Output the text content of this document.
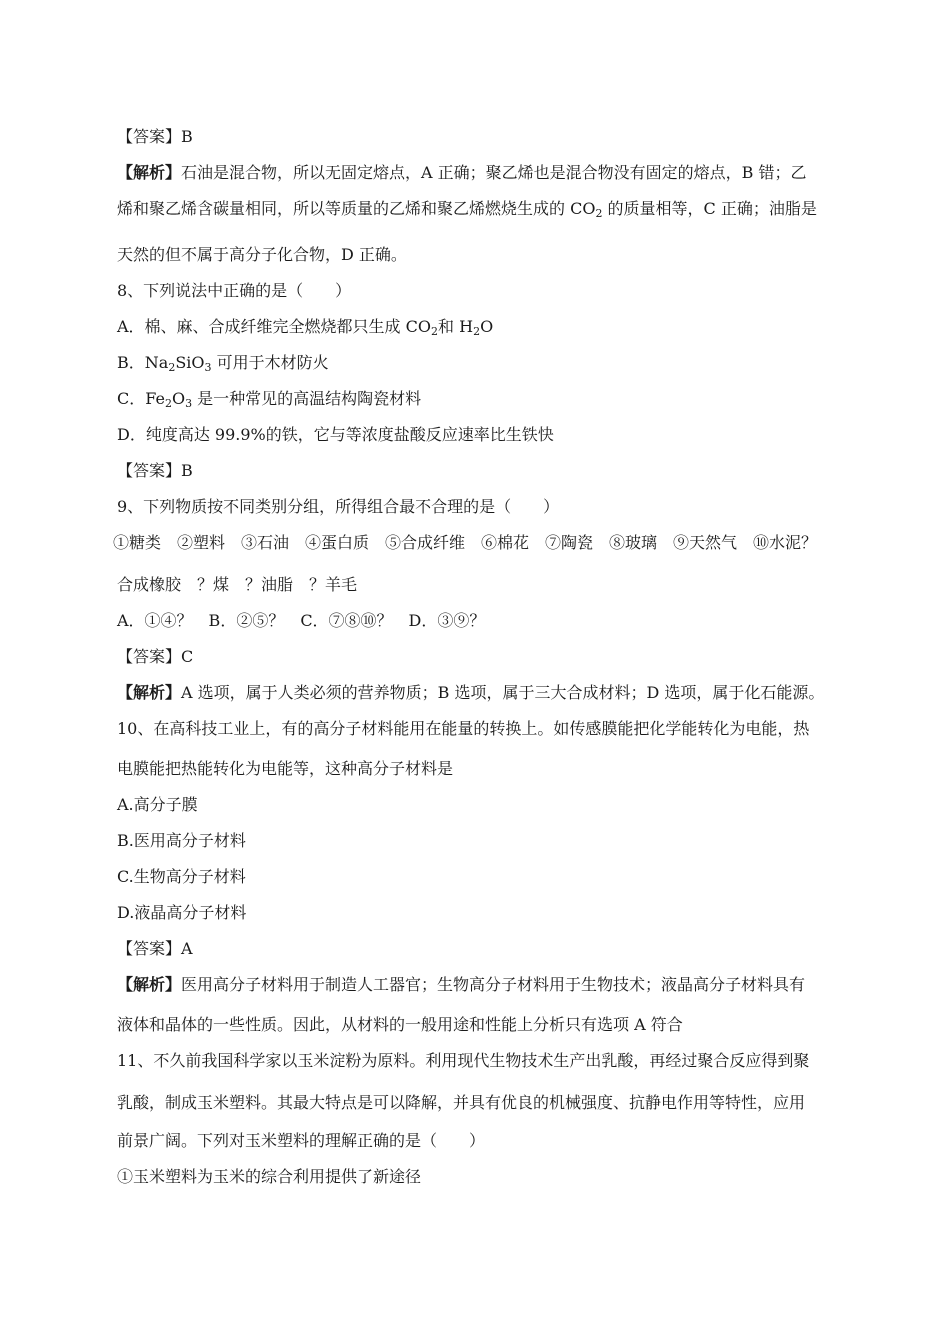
【答案】B
【解析】石油是混合物，所以无固定熔点，A 正确；聚乙烯也是混合物没有固定的熔点，B 错；乙
烯和聚乙烯含碳量相同，所以等质量的乙烯和聚乙烯燃烧生成的 $CO_2$ 的质量相等，C 正确；油脂是
天然的但不属于高分子化合物，D 正确。
8、下列说法中正确的是（　　）
A．棉、麻、合成纤维完全燃烧都只生成 $CO_2$和 $H_2O$
B．$Na_2SiO_3$ 可用于木材防火
C．$Fe_2O_3$ 是一种常见的高温结构陶瓷材料
D．纯度高达 99.9%的铁，它与等浓度盐酸反应速率比生铁快
【答案】B
9、下列物质按不同类别分组，所得组合最不合理的是（　　）
①糖类　②塑料　③石油　④蛋白质　⑤合成纤维　⑥棉花　⑦陶瓷　⑧玻璃　⑨天然气　⑩水泥？
合成橡胶　？煤　？油脂　？羊毛
A．①④？　B．②⑤？　C．⑦⑧⑩？　D．③⑨？
【答案】C
【解析】A 选项，属于人类必须的营养物质；B 选项，属于三大合成材料；D 选项，属于化石能源。
10、在高科技工业上，有的高分子材料能用在能量的转换上。如传感膜能把化学能转化为电能，热
电膜能把热能转化为电能等，这种高分子材料是
A.高分子膜
B.医用高分子材料
C.生物高分子材料
D.液晶高分子材料
【答案】A
【解析】医用高分子材料用于制造人工器官；生物高分子材料用于生物技术；液晶高分子材料具有
液体和晶体的一些性质。因此，从材料的一般用途和性能上分析只有选项 A 符合
11、不久前我国科学家以玉米淀粉为原料。利用现代生物技术生产出乳酸，再经过聚合反应得到聚
乳酸，制成玉米塑料。其最大特点是可以降解，并具有优良的机械强度、抗静电作用等特性，应用
前景广阔。下列对玉米塑料的理解正确的是（　　）
①玉米塑料为玉米的综合利用提供了新途径
